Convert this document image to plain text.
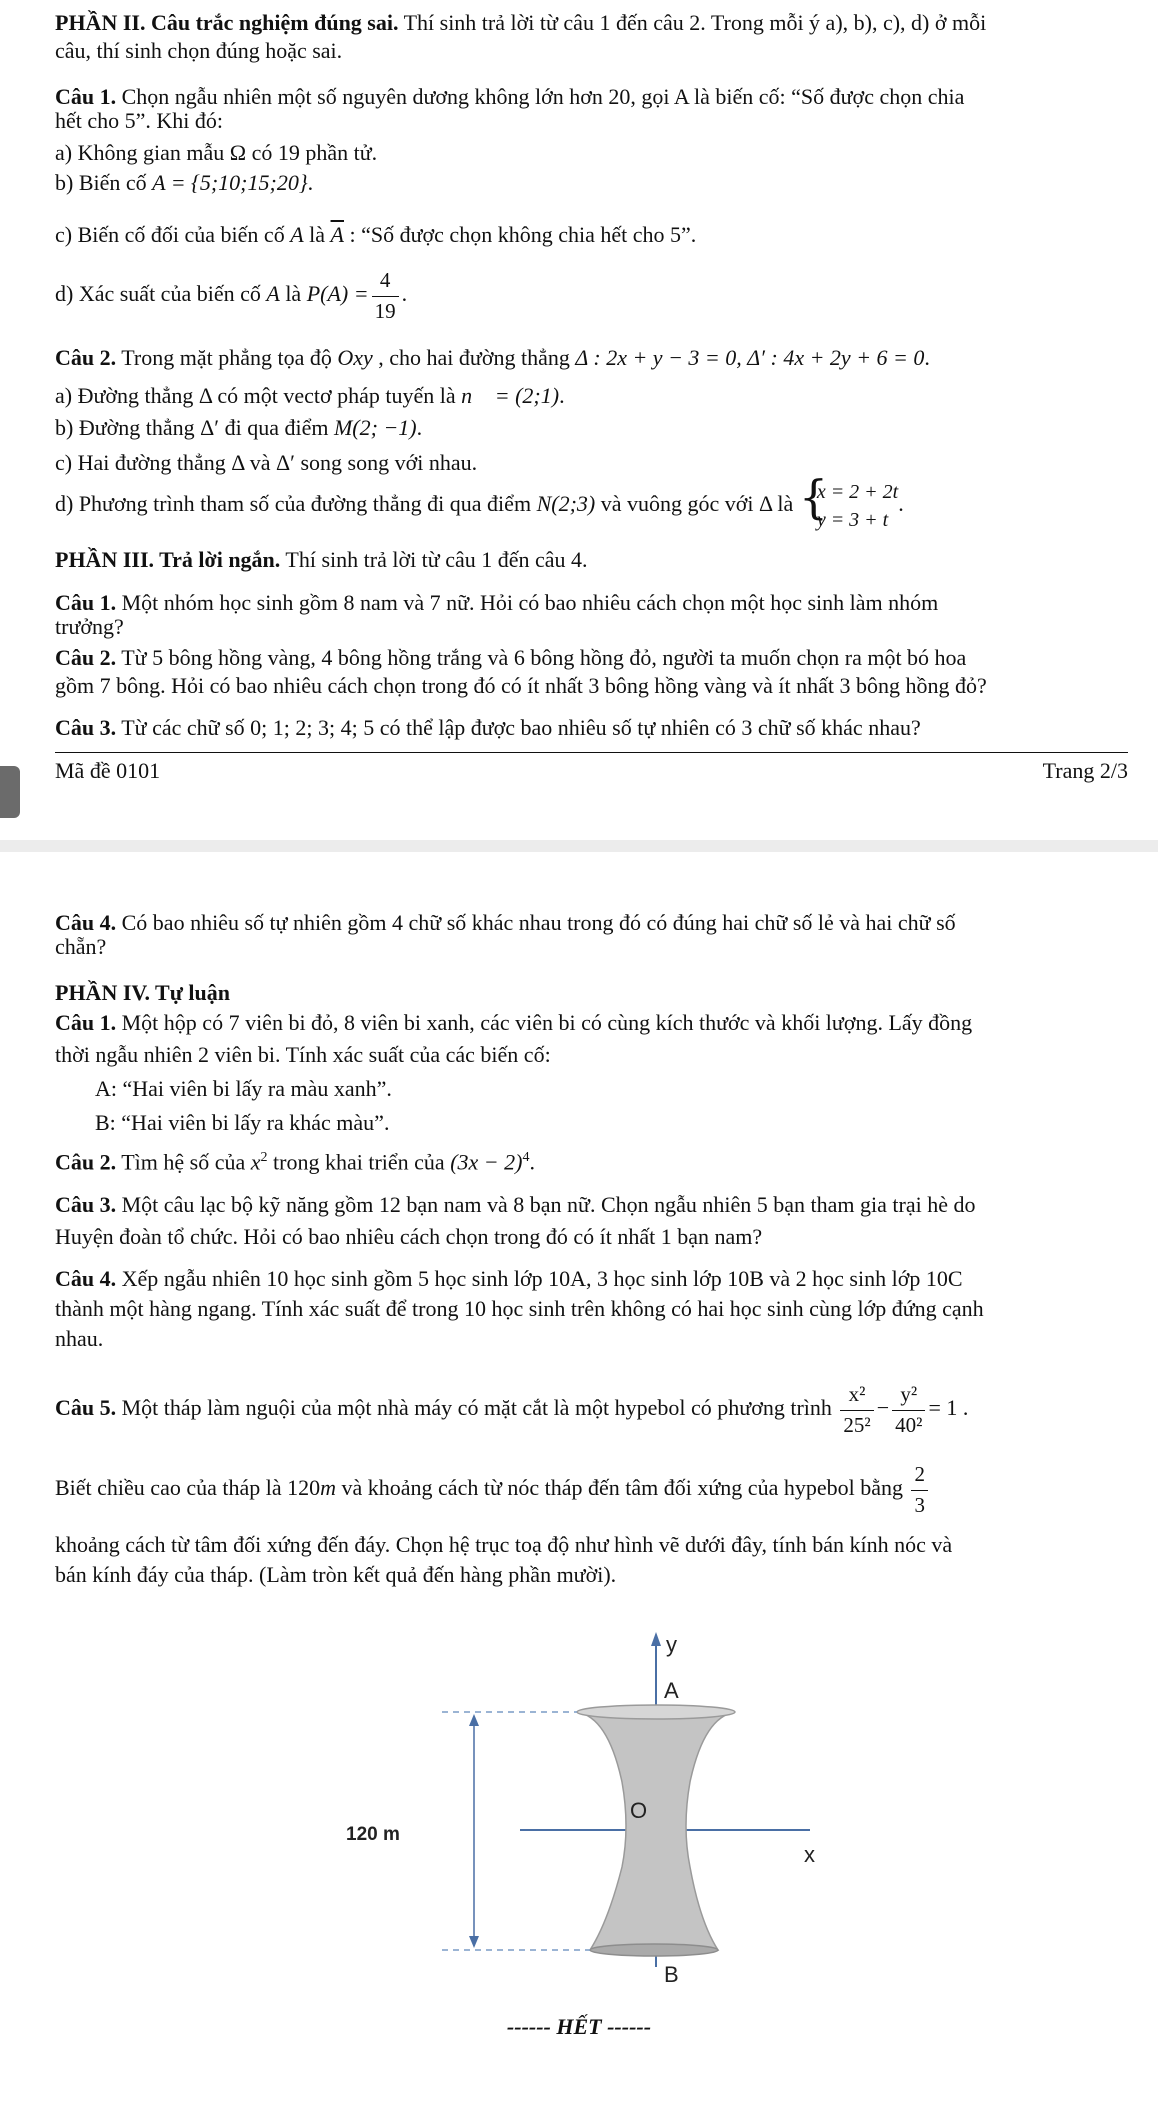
PHẦN II. Câu trắc nghiệm đúng sai. Thí sinh trả lời từ câu 1 đến câu 2. Trong mỗi ý a), b), c), d) ở mỗi
câu, thí sinh chọn đúng hoặc sai.
Câu 1. Chọn ngẫu nhiên một số nguyên dương không lớn hơn 20, gọi A là biến cố: “Số được chọn chia
hết cho 5”. Khi đó:
a) Không gian mẫu Ω có 19 phần tử.
b) Biến cố A = {5;10;15;20}.
c) Biến cố đối của biến cố A là $\overline{A}$ : “Số được chọn không chia hết cho 5”.
d) Xác suất của biến cố A là $P(A) = \frac{4}{19}$ .
Câu 2. Trong mặt phẳng tọa độ Oxy , cho hai đường thẳng Δ : 2x + y − 3 = 0, Δ′ : 4x + 2y + 6 = 0.
a) Đường thẳng Δ có một vectơ pháp tuyến là n⃗ = (2;1).
b) Đường thẳng Δ′ đi qua điểm M(2; −1).
c) Hai đường thẳng Δ và Δ′ song song với nhau.
d) Phương trình tham số của đường thẳng đi qua điểm N(2;3) và vuông góc với Δ là {
x = 2 + 2t
y = 3 + t
.
PHẦN III. Trả lời ngắn. Thí sinh trả lời từ câu 1 đến câu 4.
Câu 1. Một nhóm học sinh gồm 8 nam và 7 nữ. Hỏi có bao nhiêu cách chọn một học sinh làm nhóm
trưởng?
Câu 2. Từ 5 bông hồng vàng, 4 bông hồng trắng và 6 bông hồng đỏ, người ta muốn chọn ra một bó hoa
gồm 7 bông. Hỏi có bao nhiêu cách chọn trong đó có ít nhất 3 bông hồng vàng và ít nhất 3 bông hồng đỏ?
Câu 3. Từ các chữ số 0; 1; 2; 3; 4; 5 có thể lập được bao nhiêu số tự nhiên có 3 chữ số khác nhau?
Mã đề 0101	Trang 2/3
Câu 4. Có bao nhiêu số tự nhiên gồm 4 chữ số khác nhau trong đó có đúng hai chữ số lẻ và hai chữ số
chẵn?
PHẦN IV. Tự luận
Câu 1. Một hộp có 7 viên bi đỏ, 8 viên bi xanh, các viên bi có cùng kích thước và khối lượng. Lấy đồng
thời ngẫu nhiên 2 viên bi. Tính xác suất của các biến cố:
A: “Hai viên bi lấy ra màu xanh”.
B: “Hai viên bi lấy ra khác màu”.
Câu 2. Tìm hệ số của $x^2$ trong khai triển của $(3x - 2)^4$.
Câu 3. Một câu lạc bộ kỹ năng gồm 12 bạn nam và 8 bạn nữ. Chọn ngẫu nhiên 5 bạn tham gia trại hè do
Huyện đoàn tổ chức. Hỏi có bao nhiêu cách chọn trong đó có ít nhất 1 bạn nam?
Câu 4. Xếp ngẫu nhiên 10 học sinh gồm 5 học sinh lớp 10A, 3 học sinh lớp 10B và 2 học sinh lớp 10C
thành một hàng ngang. Tính xác suất để trong 10 học sinh trên không có hai học sinh cùng lớp đứng cạnh
nhau.
Câu 5. Một tháp làm nguội của một nhà máy có mặt cắt là một hypebol có phương trình $\frac{\text{x²}}{\text{25²}} - \frac{\text{y²}}{\text{40²}} = 1$ .
Biết chiều cao của tháp là 120m và khoảng cách từ nóc tháp đến tâm đối xứng của hypebol bằng $\frac{2}{3}$
khoảng cách từ tâm đối xứng đến đáy. Chọn hệ trục toạ độ như hình vẽ dưới đây, tính bán kính nóc và
bán kính đáy của tháp. (Làm tròn kết quả đến hàng phần mười).
y
x
A
O
B
120 m
------ HẾT ------
